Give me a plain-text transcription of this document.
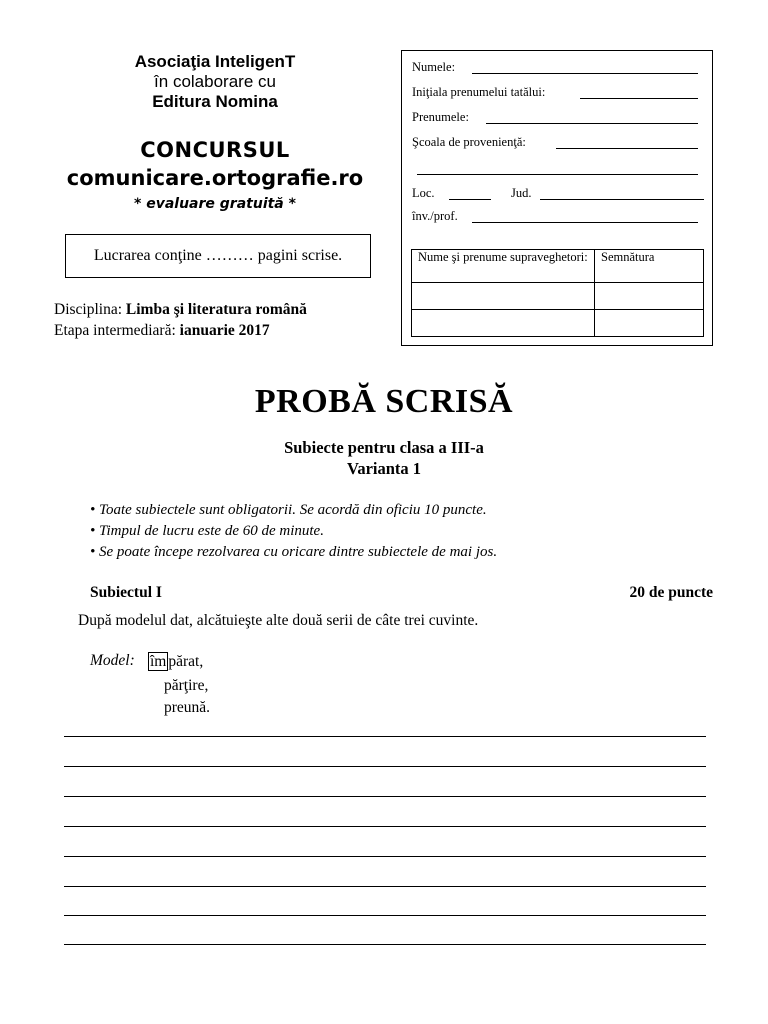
Asociaţia InteligenT
în colaborare cu
Editura Nomina
CONCURSUL
comunicare.ortografie.ro
* evaluare gratuită *
Lucrarea conţine ……… pagini scrise.
Disciplina: Limba şi literatura română
Etapa intermediară: ianuarie 2017
Numele:
Iniţiala prenumelui tatălui:
Prenumele:
Şcoala de provenienţă:
Loc.	Jud.
înv./prof.
Nume şi prenume supraveghetori:	Semnătura

PROBĂ SCRISĂ
Subiecte pentru clasa a III-a
Varianta 1
• Toate subiectele sunt obligatorii. Se acordă din oficiu 10 puncte.
• Timpul de lucru este de 60 de minute.
• Se poate începe rezolvarea cu oricare dintre subiectele de mai jos.
Subiectul I	20 de puncte
După modelul dat, alcătuieşte alte două serii de câte trei cuvinte.
Model: îm părat,
părţire,
preună.
